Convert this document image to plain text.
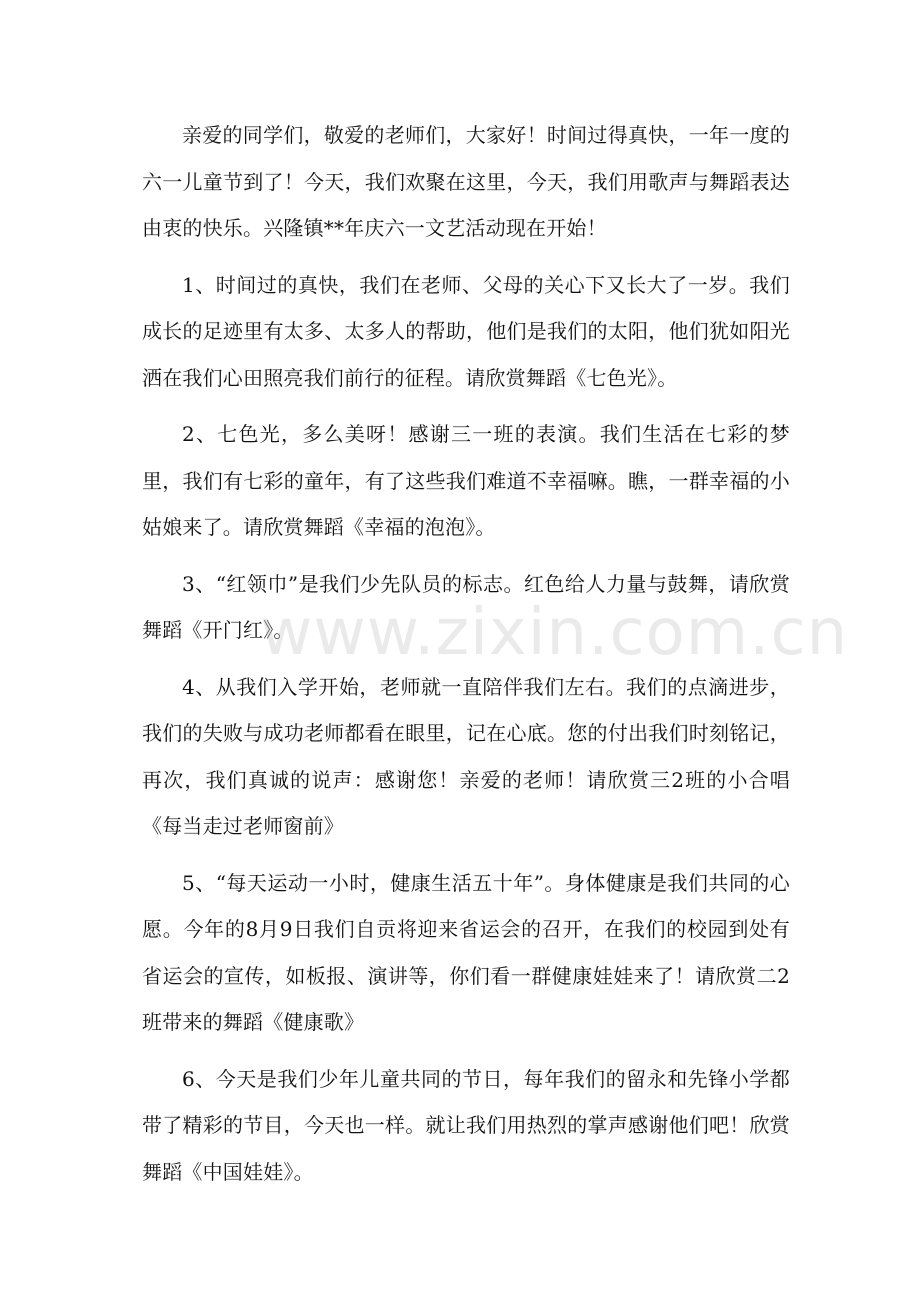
亲爱的同学们，敬爱的老师们，大家好！时间过得真快，一年一度的六一儿童节到了！今天，我们欢聚在这里，今天，我们用歌声与舞蹈表达由衷的快乐。兴隆镇**年庆六一文艺活动现在开始！

1、时间过的真快，我们在老师、父母的关心下又长大了一岁。我们成长的足迹里有太多、太多人的帮助，他们是我们的太阳，他们犹如阳光洒在我们心田照亮我们前行的征程。请欣赏舞蹈《七色光》。

2、七色光，多么美呀！感谢三一班的表演。我们生活在七彩的梦里，我们有七彩的童年，有了这些我们难道不幸福嘛。瞧，一群幸福的小姑娘来了。请欣赏舞蹈《幸福的泡泡》。

3、“红领巾”是我们少先队员的标志。红色给人力量与鼓舞，请欣赏舞蹈《开门红》。

4、从我们入学开始，老师就一直陪伴我们左右。我们的点滴进步，我们的失败与成功老师都看在眼里，记在心底。您的付出我们时刻铭记，再次，我们真诚的说声：感谢您！亲爱的老师！请欣赏三2班的小合唱《每当走过老师窗前》

5、“每天运动一小时，健康生活五十年”。身体健康是我们共同的心愿。今年的8月9日我们自贡将迎来省运会的召开，在我们的校园到处有省运会的宣传，如板报、演讲等，你们看一群健康娃娃来了！请欣赏二2班带来的舞蹈《健康歌》

6、今天是我们少年儿童共同的节日，每年我们的留永和先锋小学都带了精彩的节目，今天也一样。就让我们用热烈的掌声感谢他们吧！欣赏舞蹈《中国娃娃》。

www.zixin.com.cn
